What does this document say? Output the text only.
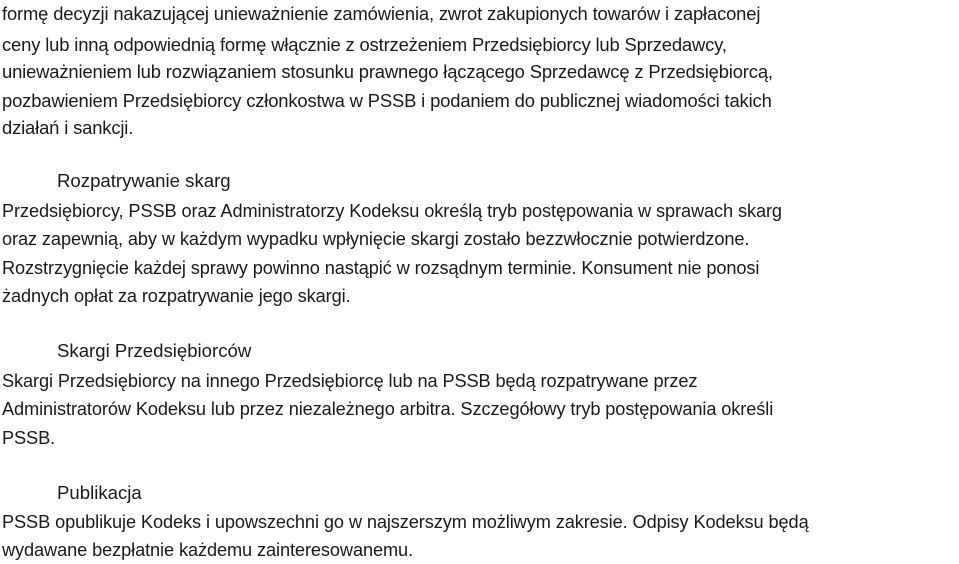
formę decyzji nakazującej unieważnienie zamówienia, zwrot zakupionych towarów i zapłaconej
ceny lub inną odpowiednią formę włącznie z ostrzeżeniem Przedsiębiorcy lub Sprzedawcy,
unieważnieniem lub rozwiązaniem stosunku prawnego łączącego Sprzedawcę z Przedsiębiorcą,
pozbawieniem Przedsiębiorcy członkostwa w PSSB i podaniem do publicznej wiadomości takich
działań i sankcji.
Rozpatrywanie skarg
Przedsiębiorcy, PSSB oraz Administratorzy Kodeksu określą tryb postępowania w sprawach skarg
oraz zapewnią, aby w każdym wypadku wpłynięcie skargi zostało bezzwłocznie potwierdzone.
Rozstrzygnięcie każdej sprawy powinno nastąpić w rozsądnym terminie. Konsument nie ponosi
żadnych opłat za rozpatrywanie jego skargi.
Skargi Przedsiębiorców
Skargi Przedsiębiorcy na innego Przedsiębiorcę lub na PSSB będą rozpatrywane przez
Administratorów Kodeksu lub przez niezależnego arbitra. Szczegółowy tryb postępowania określi
PSSB.
Publikacja
PSSB opublikuje Kodeks i upowszechni go w najszerszym możliwym zakresie. Odpisy Kodeksu będą
wydawane bezpłatnie każdemu zainteresowanemu.
